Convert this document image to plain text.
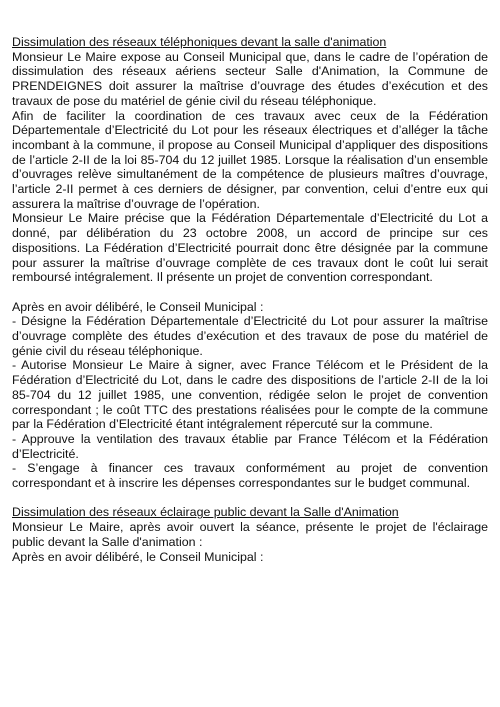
Dissimulation des réseaux téléphoniques devant la salle d'animation

Monsieur Le Maire expose au Conseil Municipal que, dans le cadre de l’opération de dissimulation des réseaux aériens secteur Salle d'Animation, la Commune de PRENDEIGNES doit assurer la maîtrise d’ouvrage des études d’exécution et des travaux de pose du matériel de génie civil du réseau téléphonique.

Afin de faciliter la coordination de ces travaux avec ceux de la Fédération Départementale d’Electricité du Lot pour les réseaux électriques et d’alléger la tâche incombant à la commune, il propose au Conseil Municipal d’appliquer des dispositions de l’article 2-II de la loi 85-704 du 12 juillet 1985. Lorsque la réalisation d’un ensemble d’ouvrages relève simultanément de la compétence de plusieurs maîtres d’ouvrage, l’article 2-II permet à ces derniers de désigner, par convention, celui d’entre eux qui assurera la maîtrise d’ouvrage de l’opération.

Monsieur Le Maire précise que la Fédération Départementale d’Electricité du Lot a donné, par délibération du 23 octobre 2008, un accord de principe sur ces dispositions. La Fédération d’Electricité pourrait donc être désignée par la commune pour assurer la maîtrise d’ouvrage complète de ces travaux dont le coût lui serait remboursé intégralement. Il présente un projet de convention correspondant.

Après en avoir délibéré, le Conseil Municipal :

- Désigne la Fédération Départementale d’Electricité du Lot pour assurer la maîtrise d’ouvrage complète des études d’exécution et des travaux de pose du matériel de génie civil du réseau téléphonique.

- Autorise Monsieur Le Maire à signer, avec France Télécom et le Président de la Fédération d’Electricité du Lot, dans le cadre des dispositions de l’article 2-II de la loi 85-704 du 12 juillet 1985, une convention, rédigée selon le projet de convention correspondant ; le coût TTC des prestations réalisées pour le compte de la commune par la Fédération d’Electricité étant intégralement répercuté sur la commune.

- Approuve la ventilation des travaux établie par France Télécom et la Fédération d’Electricité.

- S’engage à financer ces travaux conformément au projet de convention correspondant et à inscrire les dépenses correspondantes sur le budget communal.

Dissimulation des réseaux éclairage public devant la Salle d'Animation

Monsieur Le Maire, après avoir ouvert la séance, présente le projet de l'éclairage public devant la Salle d'animation :

Après en avoir délibéré, le Conseil Municipal :
